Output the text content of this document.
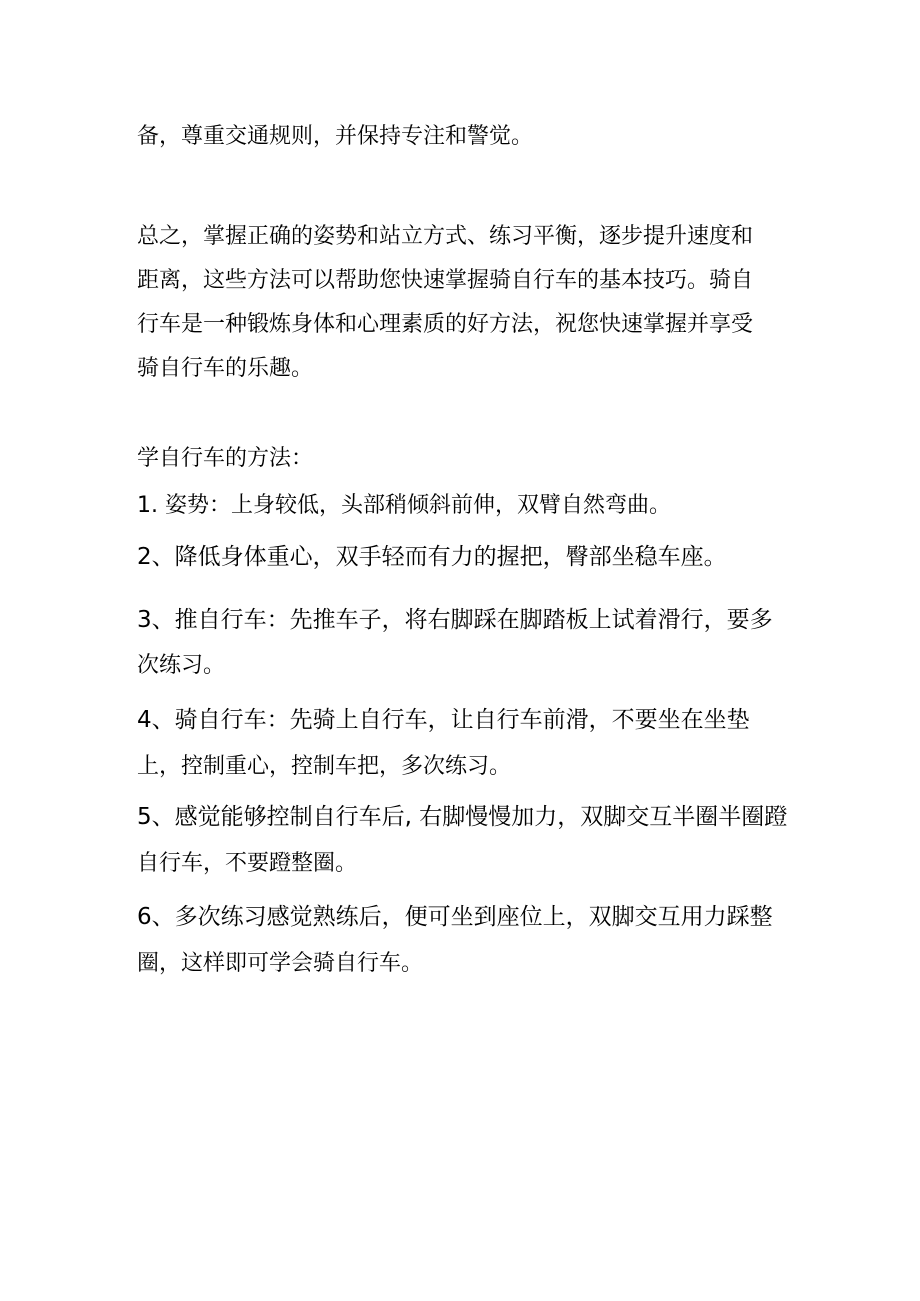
备，尊重交通规则，并保持专注和警觉。

总之，掌握正确的姿势和站立方式、练习平衡，逐步提升速度和

距离，这些方法可以帮助您快速掌握骑自行车的基本技巧。骑自

行车是一种锻炼身体和心理素质的好方法，祝您快速掌握并享受

骑自行车的乐趣。

学自行车的方法：

1. 姿势：上身较低，头部稍倾斜前伸，双臂自然弯曲。

2、降低身体重心，双手轻而有力的握把，臀部坐稳车座。

3、推自行车：先推车子，将右脚踩在脚踏板上试着滑行，要多

次练习。

4、骑自行车：先骑上自行车，让自行车前滑，不要坐在坐垫

上，控制重心，控制车把，多次练习。

5、感觉能够控制自行车后, 右脚慢慢加力，双脚交互半圈半圈蹬

自行车，不要蹬整圈。

6、多次练习感觉熟练后，便可坐到座位上，双脚交互用力踩整

圈，这样即可学会骑自行车。
